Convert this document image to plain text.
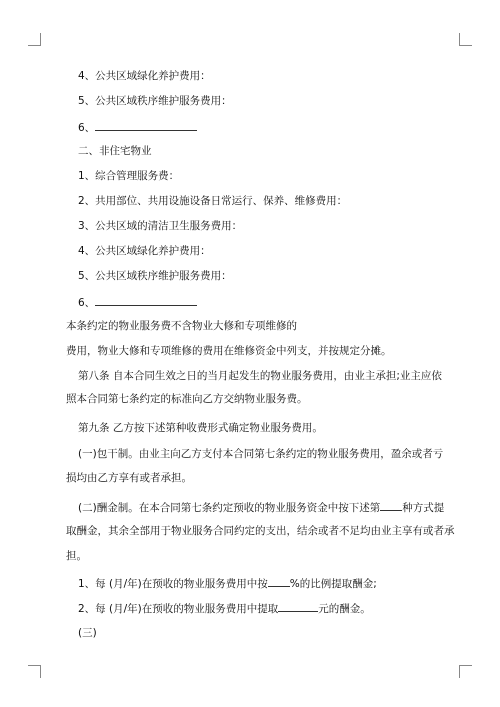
4、公共区域绿化养护费用：
5、公共区域秩序维护服务费用：
6、
二、非住宅物业
1、综合管理服务费：
2、共用部位、共用设施设备日常运行、保养、维修费用：
3、公共区域的清洁卫生服务费用：
4、公共区域绿化养护费用：
5、公共区域秩序维护服务费用：
6、
本条约定的物业服务费不含物业大修和专项维修的
费用，物业大修和专项维修的费用在维修资金中列支，并按规定分摊。
第八条 自本合同生效之日的当月起发生的物业服务费用，由业主承担;业主应依
照本合同第七条约定的标准向乙方交纳物业服务费。
第九条 乙方按下述第种收费形式确定物业服务费用。
(一)包干制。由业主向乙方支付本合同第七条约定的物业服务费用，盈余或者亏
损均由乙方享有或者承担。
(二)酬金制。在本合同第七条约定预收的物业服务资金中按下述第 种方式提
取酬金，其余全部用于物业服务合同约定的支出，结余或者不足均由业主享有或者承
担。
1、每 (月/年)在预收的物业服务费用中按 %的比例提取酬金;
2、每 (月/年)在预收的物业服务费用中提取	元的酬金。
(三)
